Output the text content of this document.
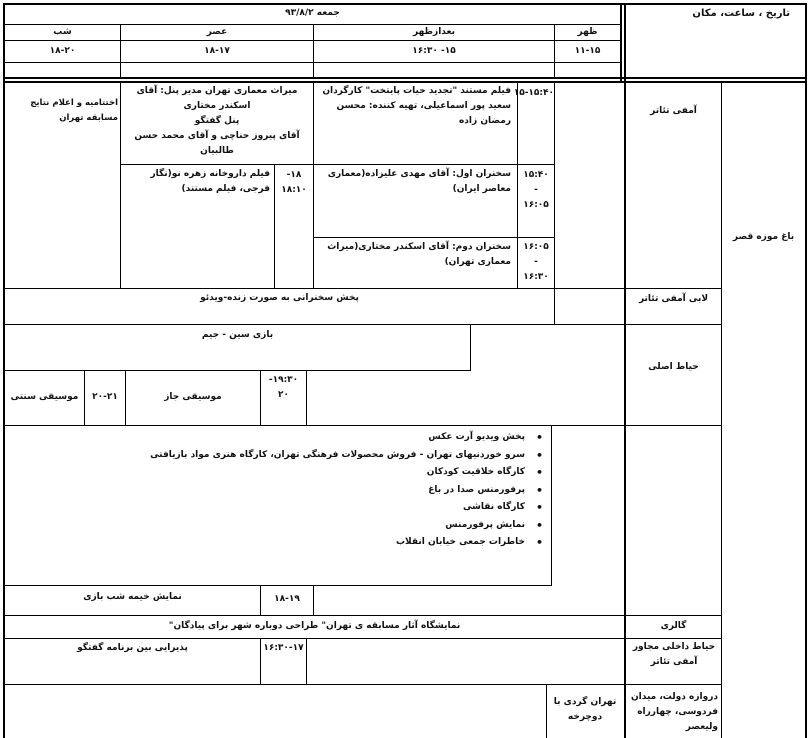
تاریخ ، ساعت، مکان
جمعه ۹۳/۸/۲
ظهر
بعدازظهر
عصر
شب
۱۱-۱۵
۱۵- ۱۶:۳۰
۱۸-۱۷
۱۸-۲۰
باغ موزه قصر
آمفی تئاتر
۱۵-۱۵:۴۰
فیلم مستند "تجدید حیات پایتخت" کارگردان سعید پور اسماعیلی، تهیه کننده: محسن رمضان زاده
میراث معماری تهران مدیر پنل: آقای اسکندر مختاری
پنل گفتگو
آقای پیروز حناچی و آقای محمد حسن طالبیان
اختتامیه و اعلام نتایج مسابقه تهران
۱۵:۴۰
-
۱۶:۰۵
سخنران اول: آقای مهدی علیزاده(معماری معاصر ایران)
۱۶:۰۵
-
۱۶:۳۰
سخنران دوم: آقای اسکندر مختاری(میراث معماری تهران)
۱۸-
۱۸:۱۰
فیلم داروخانه زهره نو(نگار فرجی، فیلم مستند)
لابی آمفی تئاتر
پخش سخنرانی به صورت زنده-ویدئو
حیاط اصلی
بازی سین - جیم
۱۹:۳۰-
۲۰
موسیقی جاز
۲۰-۲۱
موسیقی سنتی
• پخش ویدیو آرت عکس
• سرو خوردنیهای تهران - فروش محصولات فرهنگی تهران، کارگاه هنری مواد بازیافتی
• کارگاه خلاقیت کودکان
• پرفورمنس صدا در باغ
• کارگاه نقاشی
• نمایش پرفورمنس
• خاطرات جمعی خیابان انقلاب
۱۸-۱۹
نمایش خیمه شب بازی
گالری
نمایشگاه آثار مسابقه ی تهران" طراحی دوباره شهر برای پیادگان"
حیاط داخلی مجاور آمفی تئاتر
۱۶:۳۰-۱۷
پذیرایی بین برنامه گفتگو
دروازه دولت، میدان فردوسی، چهارراه ولیعصر
تهران گردی با دوچرخه
